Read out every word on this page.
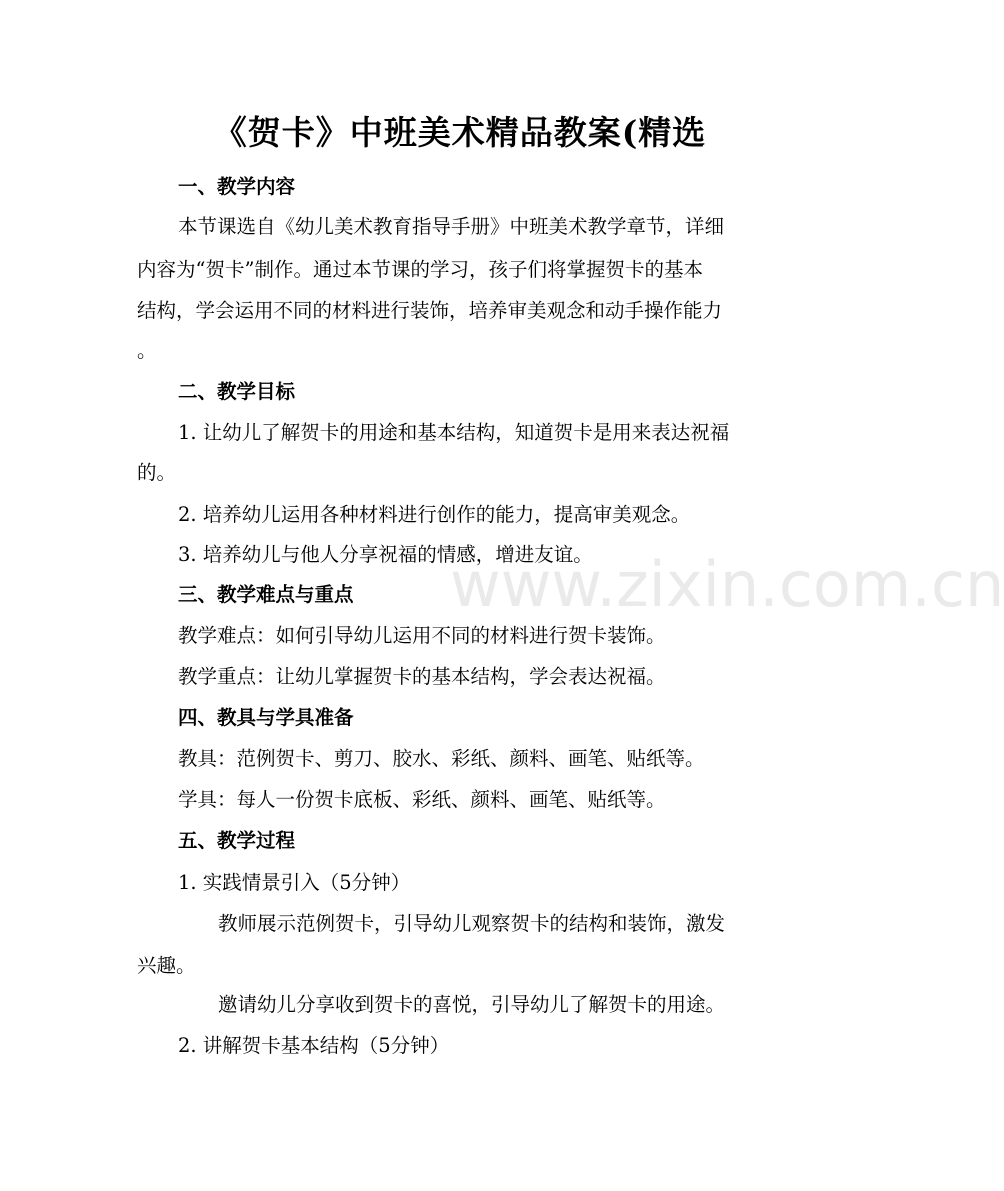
www.zixin.com.cn
《贺卡》中班美术精品教案(精选
一、教学内容
本节课选自《幼儿美术教育指导手册》中班美术教学章节，详细
内容为“贺卡”制作。通过本节课的学习，孩子们将掌握贺卡的基本
结构，学会运用不同的材料进行装饰，培养审美观念和动手操作能力
。
二、教学目标
1. 让幼儿了解贺卡的用途和基本结构，知道贺卡是用来表达祝福
的。
2. 培养幼儿运用各种材料进行创作的能力，提高审美观念。
3. 培养幼儿与他人分享祝福的情感，增进友谊。
三、教学难点与重点
教学难点：如何引导幼儿运用不同的材料进行贺卡装饰。
教学重点：让幼儿掌握贺卡的基本结构，学会表达祝福。
四、教具与学具准备
教具：范例贺卡、剪刀、胶水、彩纸、颜料、画笔、贴纸等。
学具：每人一份贺卡底板、彩纸、颜料、画笔、贴纸等。
五、教学过程
1. 实践情景引入（5分钟）
教师展示范例贺卡，引导幼儿观察贺卡的结构和装饰，激发
兴趣。
邀请幼儿分享收到贺卡的喜悦，引导幼儿了解贺卡的用途。
2. 讲解贺卡基本结构（5分钟）
